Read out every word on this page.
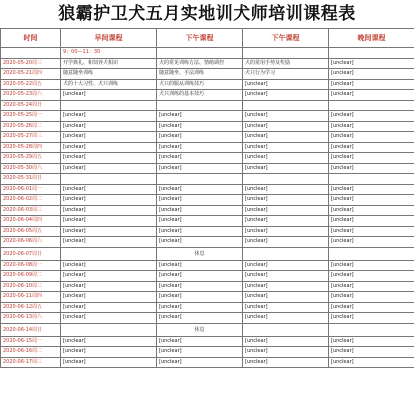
狼霸护卫犬五月实地训犬师培训课程表
时间	早间课程	下午课程	下午课程	晚间课程
	9：00—11：30			
2020-05-20周三	开学典礼、和饲养犬相识	犬的常见训练方法、情绪调控	犬的常用手势及奖励	[unclear]
2020-05-21周四	随意随坐训练	随意随坐、手法训练	犬只行为学习	[unclear]
2020-05-22周五	犬的十大习性、犬只训练	犬只的服从训练技巧	[unclear]	[unclear]
2020-05-23周六	[unclear]	犬只训练的基本技巧	[unclear]	[unclear]
2020-05-24周日				
2020-05-25周一	[unclear]	[unclear]	[unclear]	[unclear]
2020-05-26周二	[unclear]	[unclear]	[unclear]	[unclear]
2020-05-27周三	[unclear]	[unclear]	[unclear]	[unclear]
2020-05-28周四	[unclear]	[unclear]	[unclear]	[unclear]
2020-05-29周五	[unclear]	[unclear]	[unclear]	[unclear]
2020-05-30周六	[unclear]	[unclear]	[unclear]	[unclear]
2020-05-31周日				
2020-06-01周一	[unclear]	[unclear]	[unclear]	[unclear]
2020-06-02周二	[unclear]	[unclear]	[unclear]	[unclear]
2020-06-03周三	[unclear]	[unclear]	[unclear]	[unclear]
2020-06-04周四	[unclear]	[unclear]	[unclear]	[unclear]
2020-06-05周五	[unclear]	[unclear]	[unclear]	[unclear]
2020-06-06周六	[unclear]	[unclear]	[unclear]	[unclear]
2020-06-07周日		休息		
2020-06-08周一	[unclear]	[unclear]	[unclear]	[unclear]
2020-06-09周二	[unclear]	[unclear]	[unclear]	[unclear]
2020-06-10周三	[unclear]	[unclear]	[unclear]	[unclear]
2020-06-11周四	[unclear]	[unclear]	[unclear]	[unclear]
2020-06-12周五	[unclear]	[unclear]	[unclear]	[unclear]
2020-06-13周六	[unclear]	[unclear]	[unclear]	[unclear]
2020-06-14周日		休息		
2020-06-15周一	[unclear]	[unclear]	[unclear]	[unclear]
2020-06-16周二	[unclear]	[unclear]	[unclear]	[unclear]
2020-06-17周三	[unclear]	[unclear]	[unclear]	[unclear]
